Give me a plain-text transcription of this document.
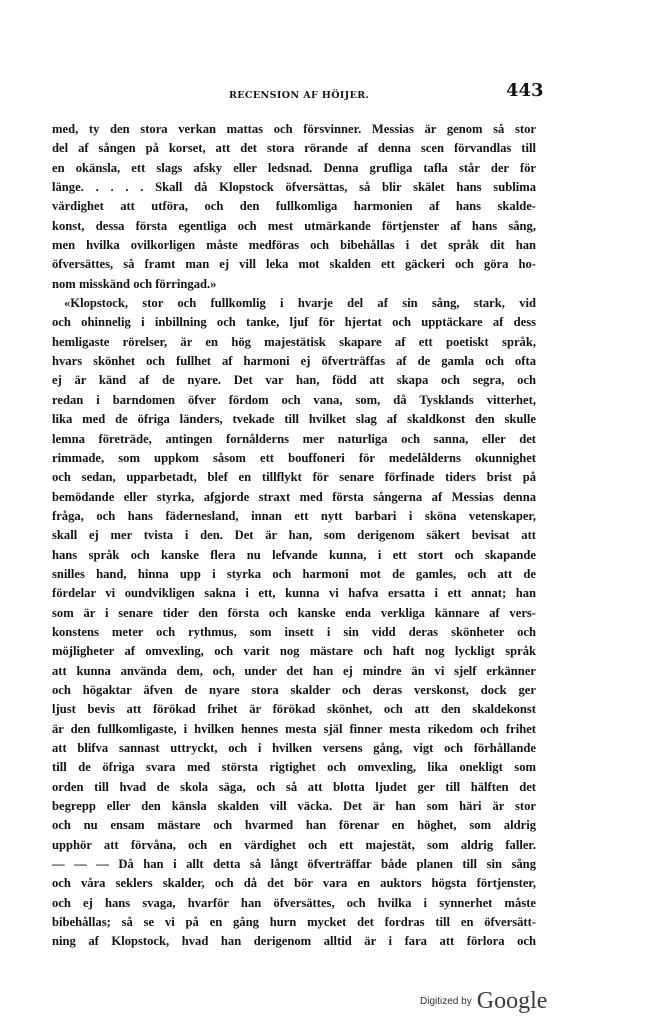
RECENSION AF HÖIJER.	443
med, ty den stora verkan mattas och försvinner. Messias är genom så stor
del af sången på korset, att det stora rörande af denna scen förvandlas till
en okänsla, ett slags afsky eller ledsnad. Denna grufliga tafla står der för
länge. . . . . Skall då Klopstock öfversättas, så blir skälet hans sublima
värdighet att utföra, och den fullkomliga harmonien af hans skalde-
konst, dessa första egentliga och mest utmärkande förtjenster af hans sång,
men hvilka ovilkorligen måste medföras och bibehållas i det språk dit han
öfversättes, så framt man ej vill leka mot skalden ett gäckeri och göra ho-
nom misskänd och förringad.»
«Klopstock, stor och fullkomlig i hvarje del af sin sång, stark, vid
och ohinnelig i inbillning och tanke, ljuf för hjertat och upptäckare af dess
hemligaste rörelser, är en hög majestätisk skapare af ett poetiskt språk,
hvars skönhet och fullhet af harmoni ej öfverträffas af de gamla och ofta
ej är känd af de nyare. Det var han, född att skapa och segra, och
redan i barndomen öfver fördom och vana, som, då Tysklands vitterhet,
lika med de öfriga länders, tvekade till hvilket slag af skaldkonst den skulle
lemna företräde, antingen fornålderns mer naturliga och sanna, eller det
rimmade, som uppkom såsom ett bouffoneri för medelålderns okunnighet
och sedan, upparbetadt, blef en tillflykt för senare förfinade tiders brist på
bemödande eller styrka, afgjorde straxt med första sångerna af Messias denna
fråga, och hans fädernesland, innan ett nytt barbari i sköna vetenskaper,
skall ej mer tvista i den. Det är han, som derigenom säkert bevisat att
hans språk och kanske flera nu lefvande kunna, i ett stort och skapande
snilles hand, hinna upp i styrka och harmoni mot de gamles, och att de
fördelar vi oundvikligen sakna i ett, kunna vi hafva ersatta i ett annat; han
som är i senare tider den första och kanske enda verkliga kännare af vers-
konstens meter och rythmus, som insett i sin vidd deras skönheter och
möjligheter af omvexling, och varit nog mästare och haft nog lyckligt språk
att kunna använda dem, och, under det han ej mindre än vi sjelf erkänner
och högaktar äfven de nyare stora skalder och deras verskonst, dock ger
ljust bevis att förökad frihet är förökad skönhet, och att den skaldekonst
är den fullkomligaste, i hvilken hennes mesta själ finner mesta rikedom och frihet
att blifva sannast uttryckt, och i hvilken versens gång, vigt och förhållande
till de öfriga svara med största rigtighet och omvexling, lika onekligt som
orden till hvad de skola säga, och så att blotta ljudet ger till hälften det
begrepp eller den känsla skalden vill väcka. Det är han som häri är stor
och nu ensam mästare och hvarmed han förenar en höghet, som aldrig
upphör att förvåna, och en värdighet och ett majestät, som aldrig faller.
— — — Då han i allt detta så långt öfverträffar både planen till sin sång
och våra seklers skalder, och då det bör vara en auktors högsta förtjenster,
och ej hans svaga, hvarför han öfversättes, och hvilka i synnerhet måste
bibehållas; så se vi på en gång hurn mycket det fordras till en öfversätt-
ning af Klopstock, hvad han derigenom alltid är i fara att förlora och
Digitized by Google
